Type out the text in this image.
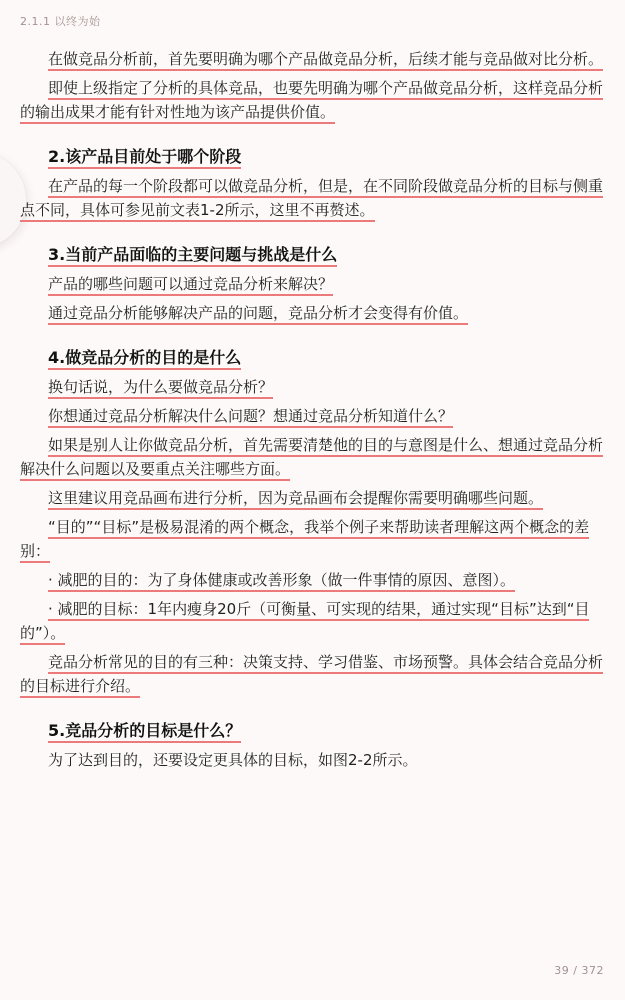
2.1.1 以终为始
在做竞品分析前，首先要明确为哪个产品做竞品分析，后续才能与竞品做对比分析。
即使上级指定了分析的具体竞品，也要先明确为哪个产品做竞品分析，这样竞品分析
的输出成果才能有针对性地为该产品提供价值。
2.该产品目前处于哪个阶段
在产品的每一个阶段都可以做竞品分析，但是，在不同阶段做竞品分析的目标与侧重
点不同，具体可参见前文表1-2所示，这里不再赘述。
3.当前产品面临的主要问题与挑战是什么
产品的哪些问题可以通过竞品分析来解决？
通过竞品分析能够解决产品的问题，竞品分析才会变得有价值。
4.做竞品分析的目的是什么
换句话说，为什么要做竞品分析？
你想通过竞品分析解决什么问题？想通过竞品分析知道什么？
如果是别人让你做竞品分析，首先需要清楚他的目的与意图是什么、想通过竞品分析
解决什么问题以及要重点关注哪些方面。
这里建议用竞品画布进行分析，因为竞品画布会提醒你需要明确哪些问题。
“目的”“目标”是极易混淆的两个概念，我举个例子来帮助读者理解这两个概念的差
别：
· 减肥的目的：为了身体健康或改善形象（做一件事情的原因、意图）。
· 减肥的目标：1年内瘦身20斤（可衡量、可实现的结果，通过实现“目标”达到“目
的”）。
竞品分析常见的目的有三种：决策支持、学习借鉴、市场预警。具体会结合竞品分析
的目标进行介绍。
5.竞品分析的目标是什么？
为了达到目的，还要设定更具体的目标，如图2-2所示。
39 / 372
